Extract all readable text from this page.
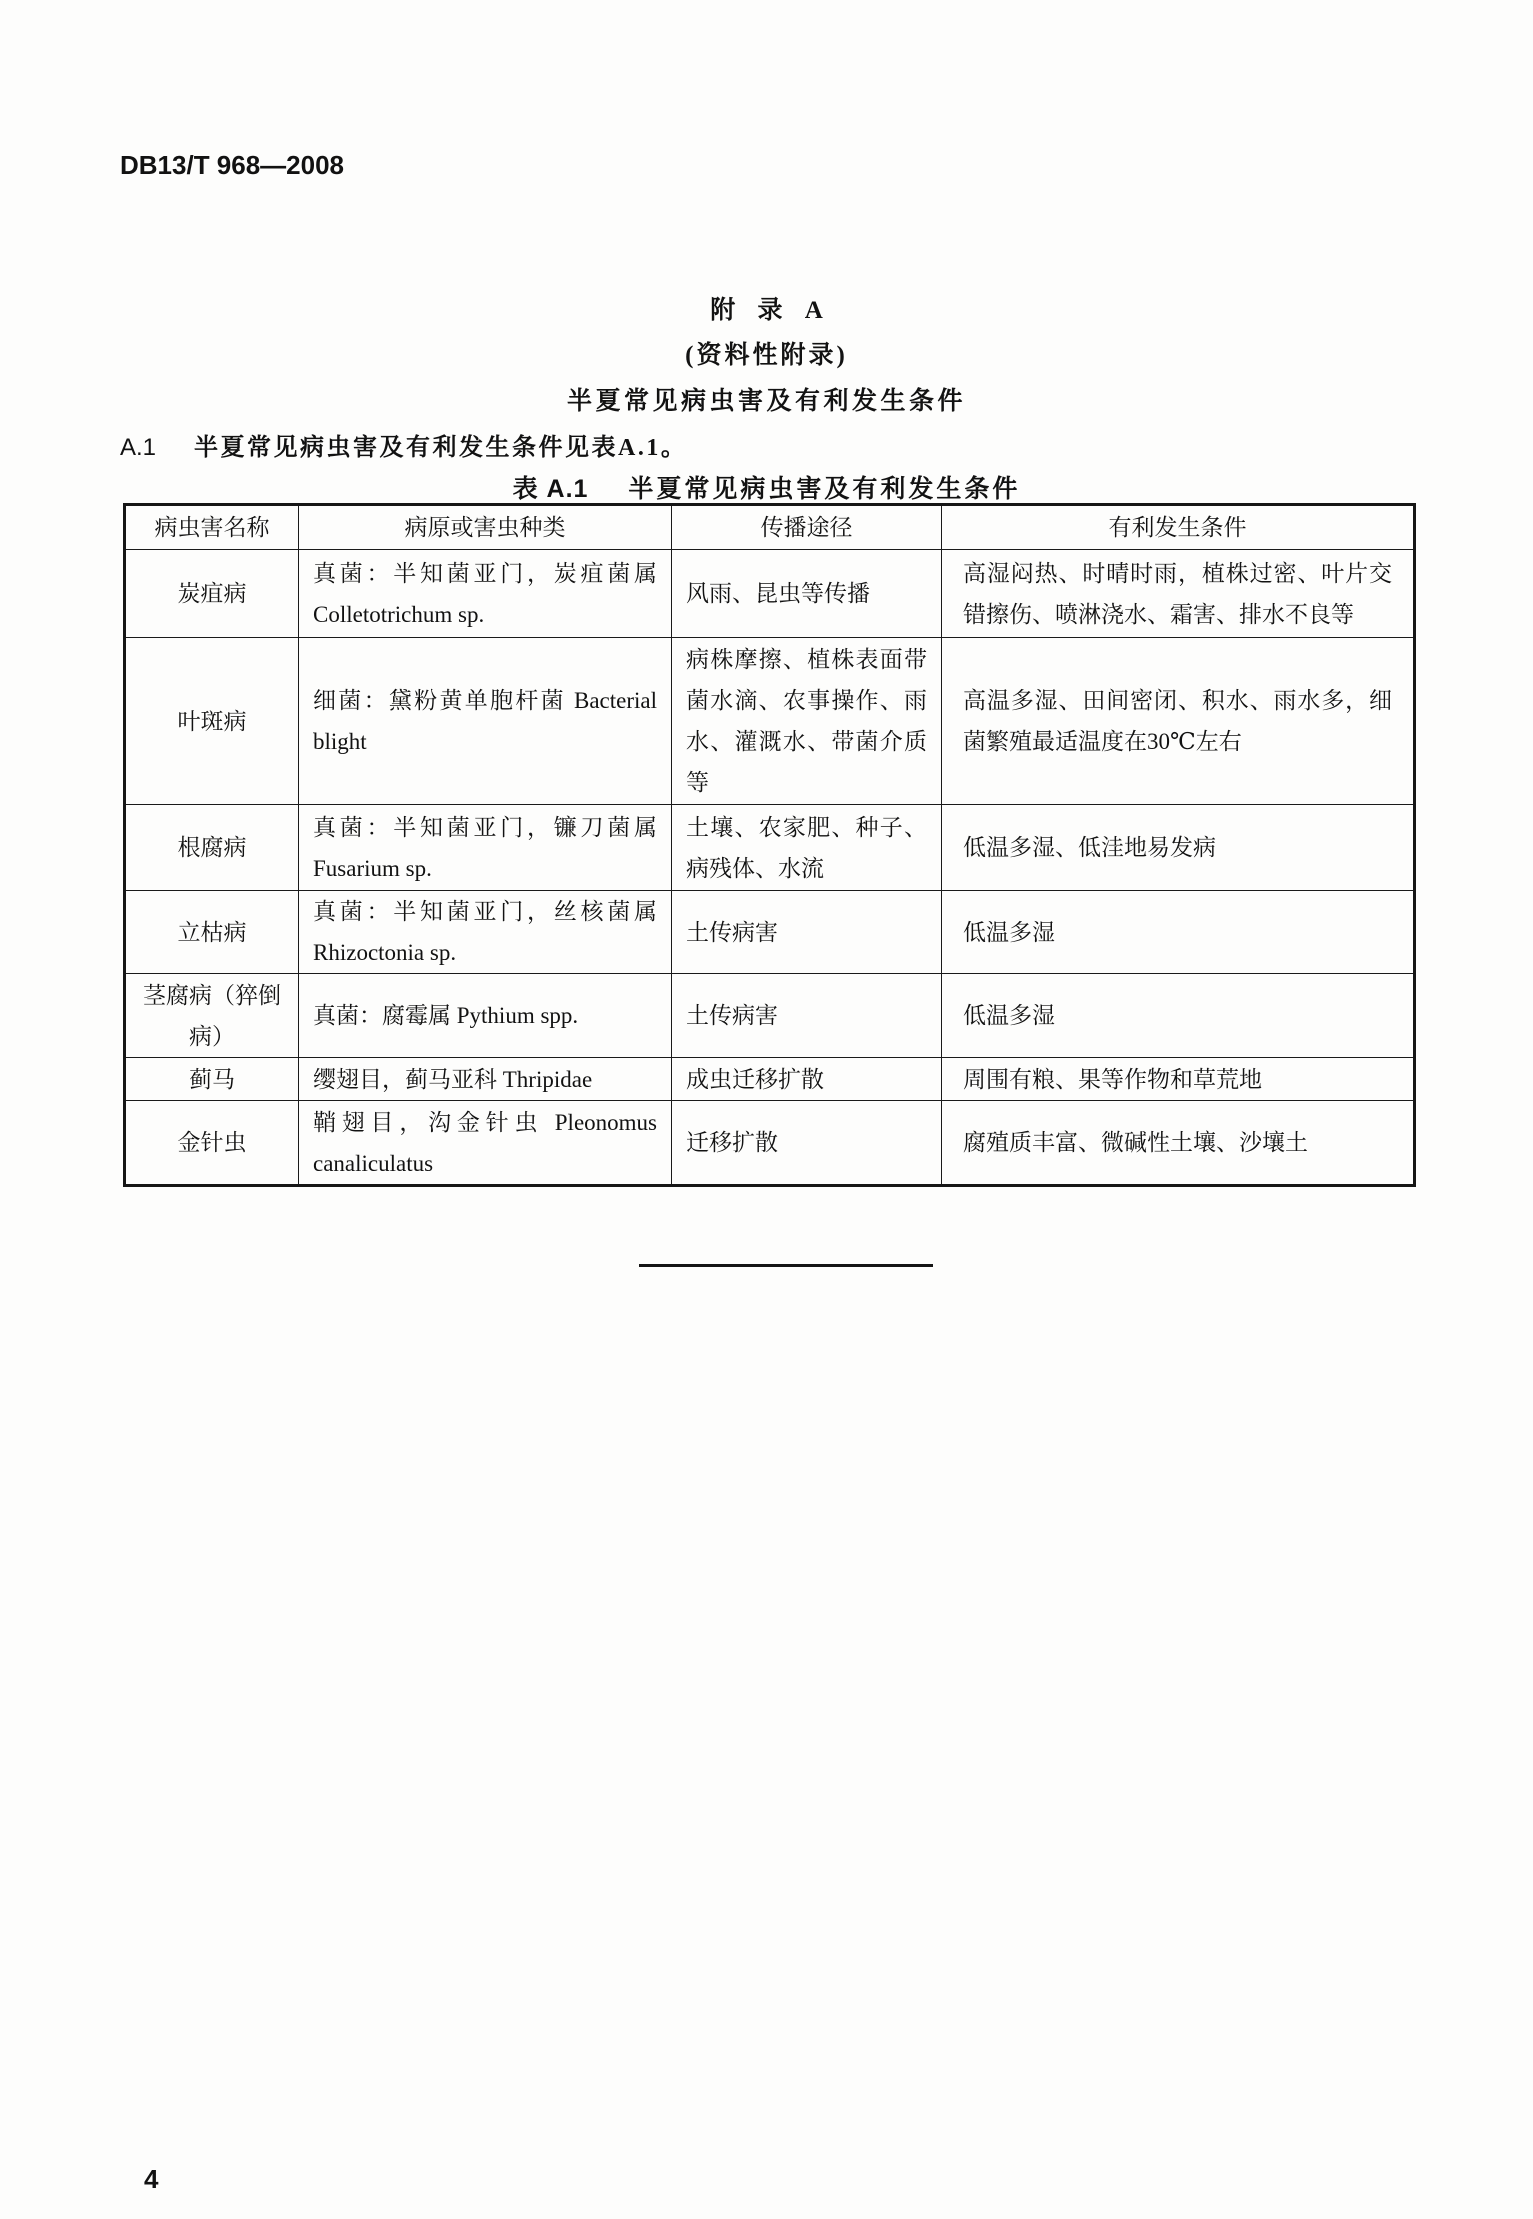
DB13/T 968—2008
附 录 A
(资料性附录)
半夏常见病虫害及有利发生条件
A.1 半夏常见病虫害及有利发生条件见表A.1。
表 A.1 半夏常见病虫害及有利发生条件
病虫害名称	病原或害虫种类	传播途径	有利发生条件
炭疽病	真菌：半知菌亚门，炭疽菌属 Colletotrichum sp.	风雨、昆虫等传播	高湿闷热、时晴时雨，植株过密、叶片交错擦伤、喷淋浇水、霜害、排水不良等
叶斑病	细菌：黛粉黄单胞杆菌 Bacterial blight	病株摩擦、植株表面带菌水滴、农事操作、雨水、灌溉水、带菌介质等	高温多湿、田间密闭、积水、雨水多，细菌繁殖最适温度在30℃左右
根腐病	真菌：半知菌亚门，镰刀菌属 Fusarium sp.	土壤、农家肥、种子、病残体、水流	低温多湿、低洼地易发病
立枯病	真菌：半知菌亚门，丝核菌属 Rhizoctonia sp.	土传病害	低温多湿
茎腐病（猝倒病）	真菌：腐霉属 Pythium spp.	土传病害	低温多湿
蓟马	缨翅目，蓟马亚科 Thripidae	成虫迁移扩散	周围有粮、果等作物和草荒地
金针虫	鞘翅目，沟金针虫 Pleonomus canaliculatus	迁移扩散	腐殖质丰富、微碱性土壤、沙壤土
4
